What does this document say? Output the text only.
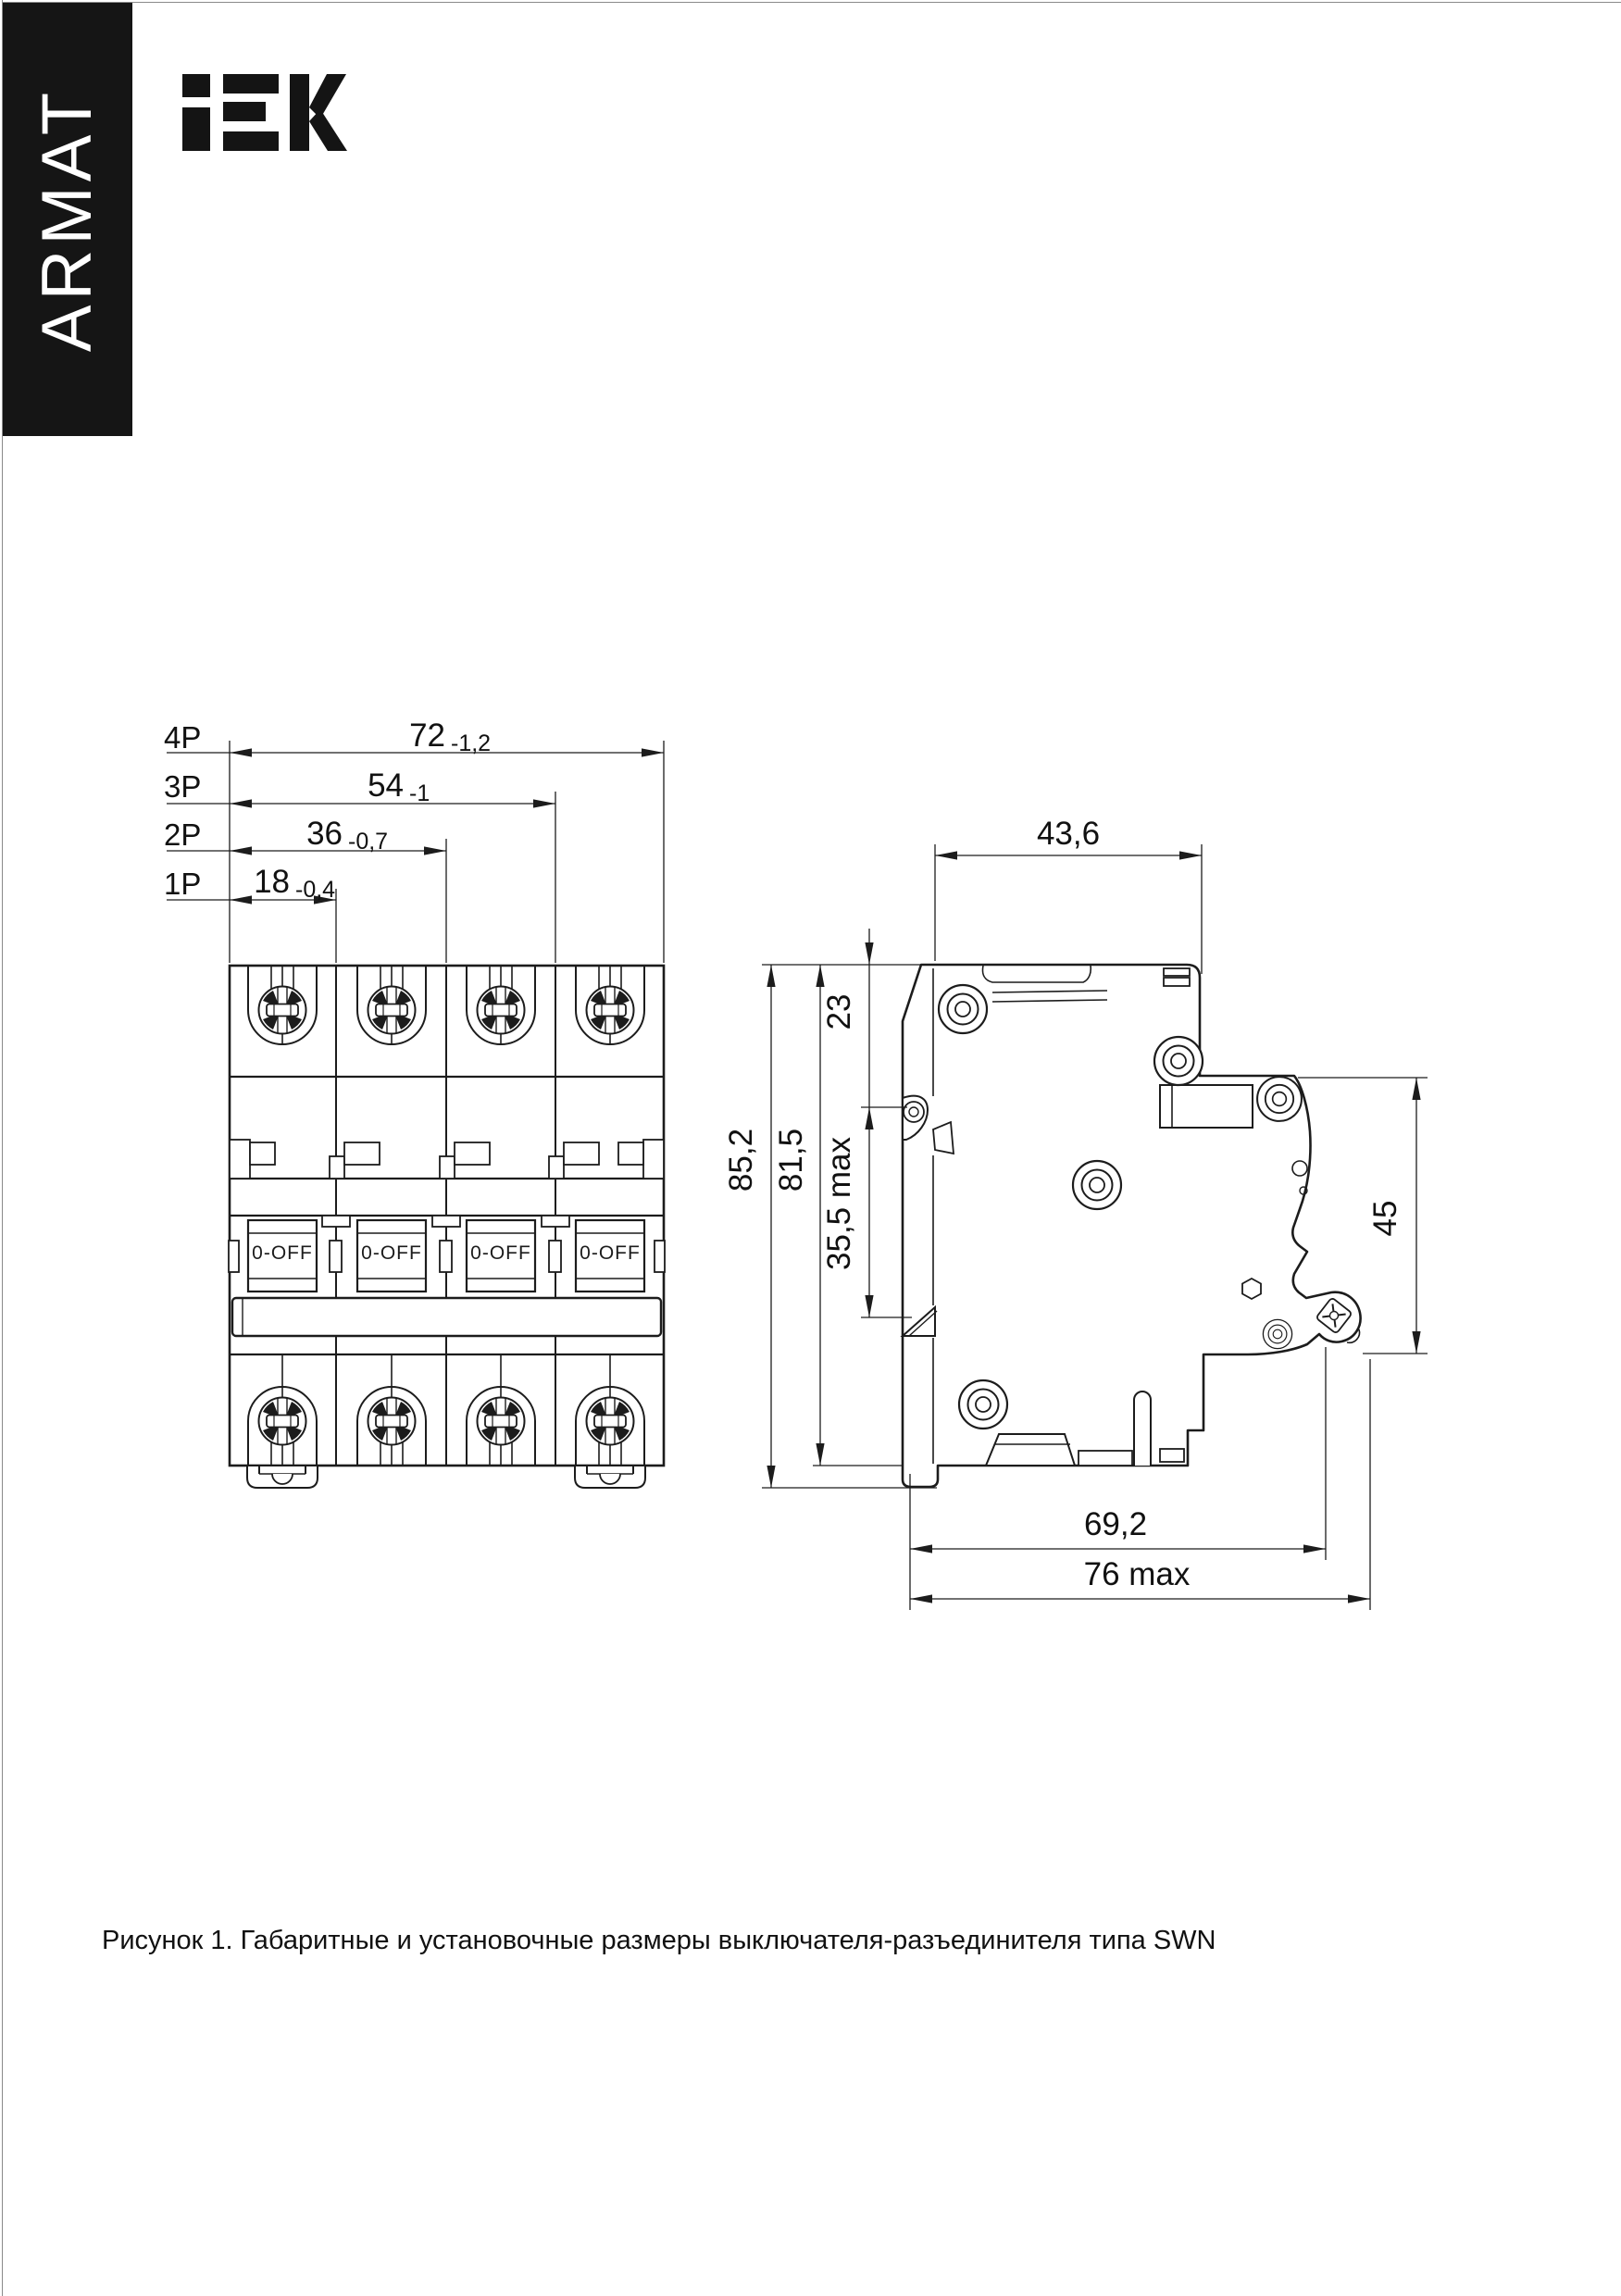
ARMAT
0-OFF 0-OFF 0-OFF 0-OFF
4P
3P
2P
1P
72 -1,2
54 -1
36 -0,7
18 -0,4
43,6
85,2 81,5
23
35,5 max	45
69,2
76 max
Рисунок 1. Габаритные и установочные размеры выключателя-разъединителя типа SWN
